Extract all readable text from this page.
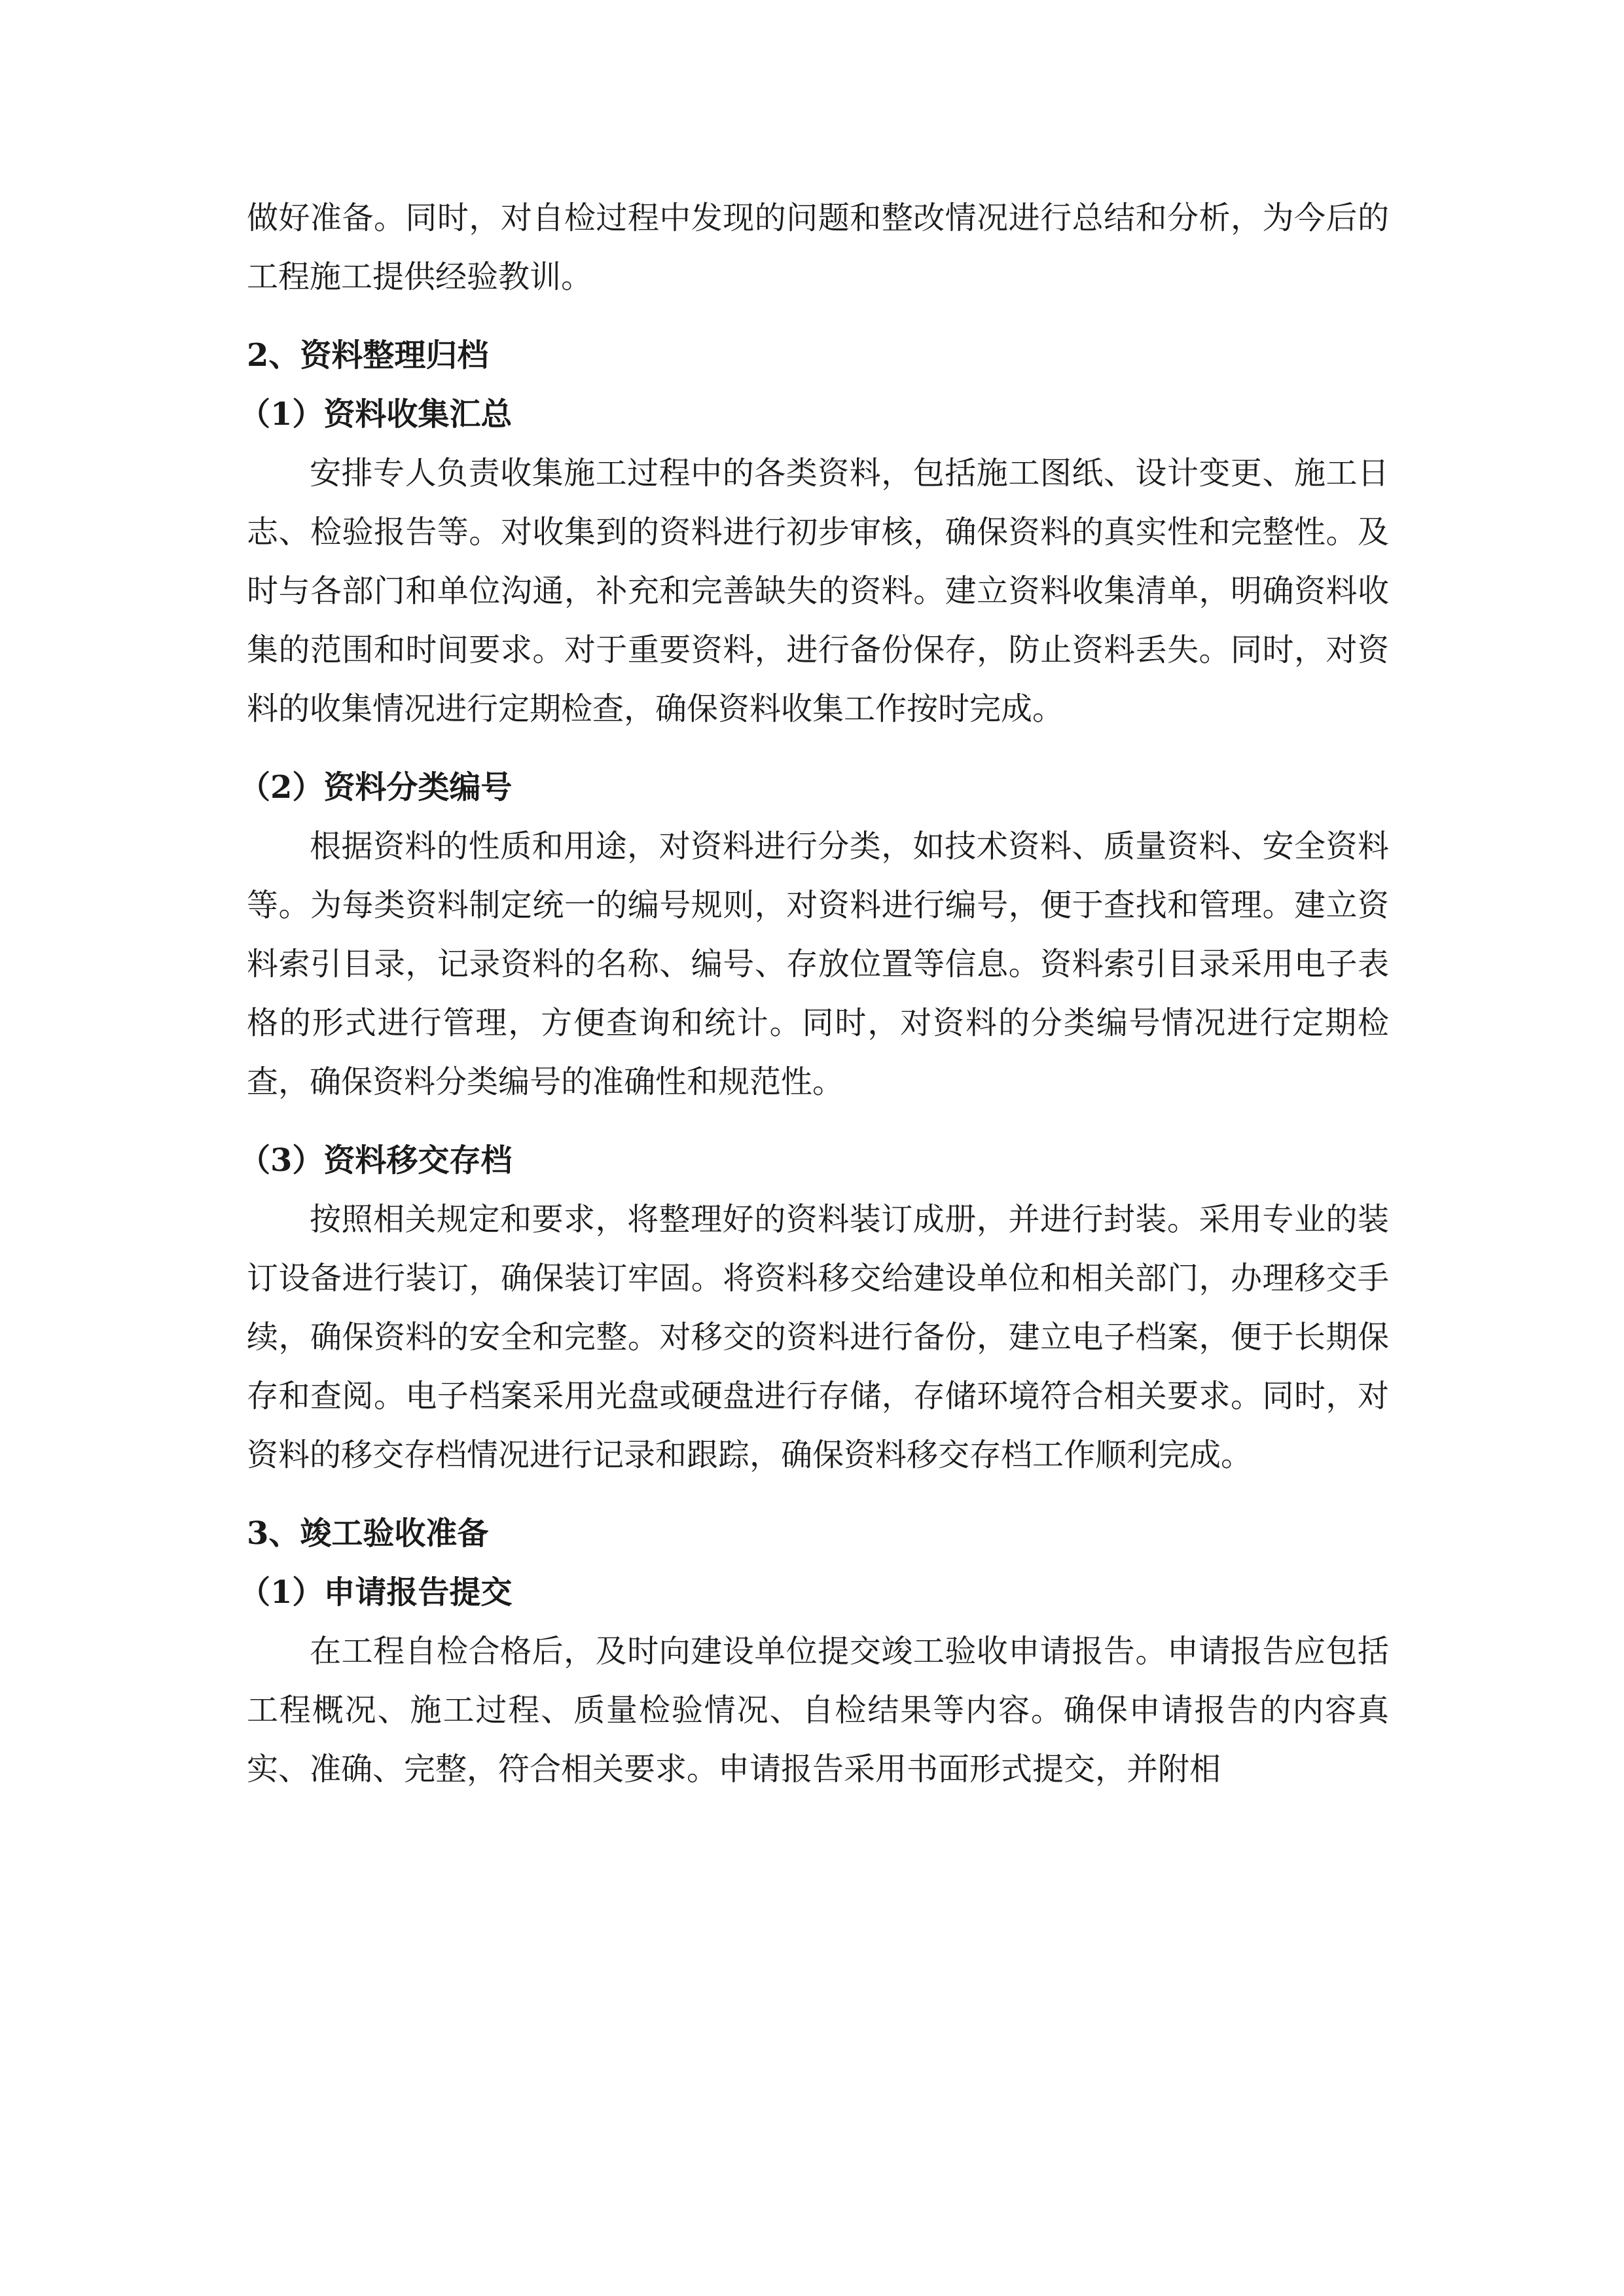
做好准备。同时，对自检过程中发现的问题和整改情况进行总结和分析，为今后的工程施工提供经验教训。

2、资料整理归档
（1）资料收集汇总

安排专人负责收集施工过程中的各类资料，包括施工图纸、设计变更、施工日志、检验报告等。对收集到的资料进行初步审核，确保资料的真实性和完整性。及时与各部门和单位沟通，补充和完善缺失的资料。建立资料收集清单，明确资料收集的范围和时间要求。对于重要资料，进行备份保存，防止资料丢失。同时，对资料的收集情况进行定期检查，确保资料收集工作按时完成。

（2）资料分类编号

根据资料的性质和用途，对资料进行分类，如技术资料、质量资料、安全资料等。为每类资料制定统一的编号规则，对资料进行编号，便于查找和管理。建立资料索引目录，记录资料的名称、编号、存放位置等信息。资料索引目录采用电子表格的形式进行管理，方便查询和统计。同时，对资料的分类编号情况进行定期检查，确保资料分类编号的准确性和规范性。

（3）资料移交存档

按照相关规定和要求，将整理好的资料装订成册，并进行封装。采用专业的装订设备进行装订，确保装订牢固。将资料移交给建设单位和相关部门，办理移交手续，确保资料的安全和完整。对移交的资料进行备份，建立电子档案，便于长期保存和查阅。电子档案采用光盘或硬盘进行存储，存储环境符合相关要求。同时，对资料的移交存档情况进行记录和跟踪，确保资料移交存档工作顺利完成。

3、竣工验收准备
（1）申请报告提交

在工程自检合格后，及时向建设单位提交竣工验收申请报告。申请报告应包括工程概况、施工过程、质量检验情况、自检结果等内容。确保申请报告的内容真实、准确、完整，符合相关要求。申请报告采用书面形式提交，并附相
